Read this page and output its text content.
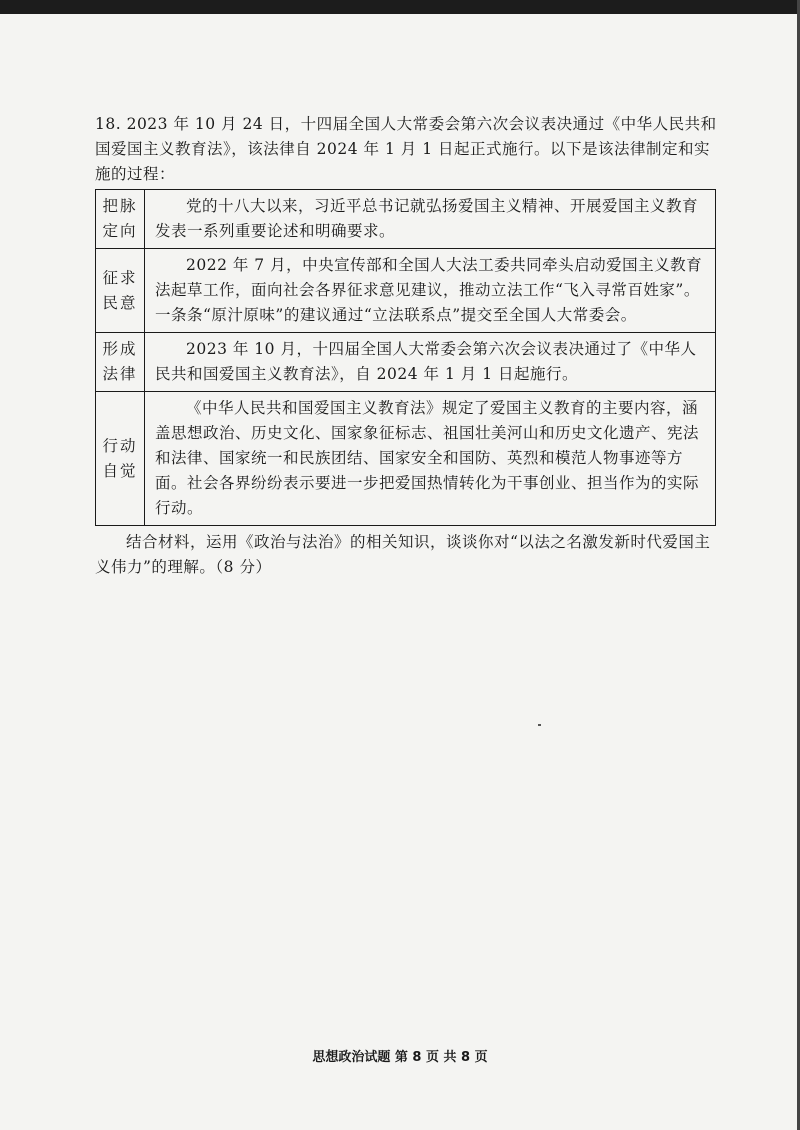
18. 2023 年 10 月 24 日，十四届全国人大常委会第六次会议表决通过《中华人民共和国爱国主义教育法》，该法律自 2024 年 1 月 1 日起正式施行。以下是该法律制定和实施的过程：

把脉定向	党的十八大以来，习近平总书记就弘扬爱国主义精神、开展爱国主义教育发表一系列重要论述和明确要求。
征求民意	2022 年 7 月，中央宣传部和全国人大法工委共同牵头启动爱国主义教育法起草工作，面向社会各界征求意见建议，推动立法工作“飞入寻常百姓家”。一条条“原汁原味”的建议通过“立法联系点”提交至全国人大常委会。
形成法律	2023 年 10 月，十四届全国人大常委会第六次会议表决通过了《中华人民共和国爱国主义教育法》，自 2024 年 1 月 1 日起施行。
行动自觉	《中华人民共和国爱国主义教育法》规定了爱国主义教育的主要内容，涵盖思想政治、历史文化、国家象征标志、祖国壮美河山和历史文化遗产、宪法和法律、国家统一和民族团结、国家安全和国防、英烈和模范人物事迹等方面。社会各界纷纷表示要进一步把爱国热情转化为干事创业、担当作为的实际行动。

结合材料，运用《政治与法治》的相关知识，谈谈你对“以法之名激发新时代爱国主义伟力”的理解。（8 分）

思想政治试题 第 8 页 共 8 页
